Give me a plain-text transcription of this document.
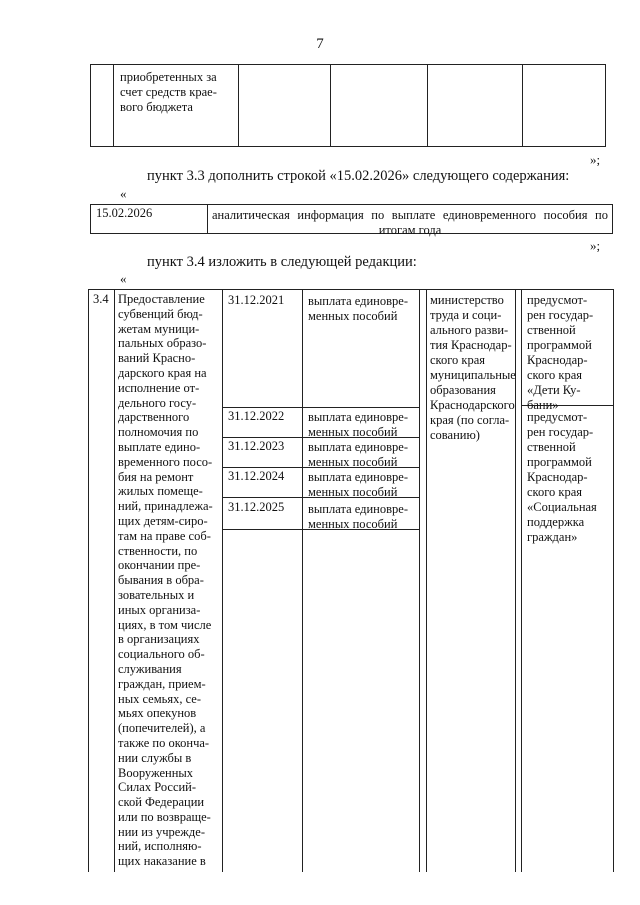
7
приобретенных за
счет средств крае-
вого бюджета
»;
пункт 3.3 дополнить строкой «15.02.2026» следующего содержания:
«
15.02.2026	аналитическая информация по выплате единовременного пособия по
итогам года
»;
пункт 3.4 изложить в следующей редакции:
«
3.4 Предоставление
субвенций бюд-
жетам муници-
пальных образо-
ваний Красно-
дарского края на
исполнение от-
дельного госу-
дарственного
полномочия по
выплате едино-
временного посо-
бия на ремонт
жилых помеще-
ний, принадлежа-
щих детям-сиро-
там на праве соб-
ственности, по
окончании пре-
бывания в обра-
зовательных и
иных организа-
циях, в том числе
в организациях
социального об-
служивания
граждан, прием-
ных семьях, се-
мьях опекунов
(попечителей), а
также по оконча-
нии службы в
Вооруженных
Силах Россий-
ской Федерации
или по возвраще-
нии из учрежде-
ний, исполняю-
щих наказание в
31.12.2021 выплата единовре-
менных пособий
31.12.2022 выплата единовре-
менных пособий
31.12.2023 выплата единовре-
менных пособий
31.12.2024 выплата единовре-
менных пособий
31.12.2025 выплата единовре-
менных пособий
министерство
труда и соци-
ального разви-
тия Краснодар-
ского края
муниципальные
образования
Краснодарского
края (по согла-
сованию)
предусмот-
рен государ-
ственной
программой
Краснодар-
ского края
«Дети Ку-
бани»
предусмот-
рен государ-
ственной
программой
Краснодар-
ского края
«Социальная
поддержка
граждан»
